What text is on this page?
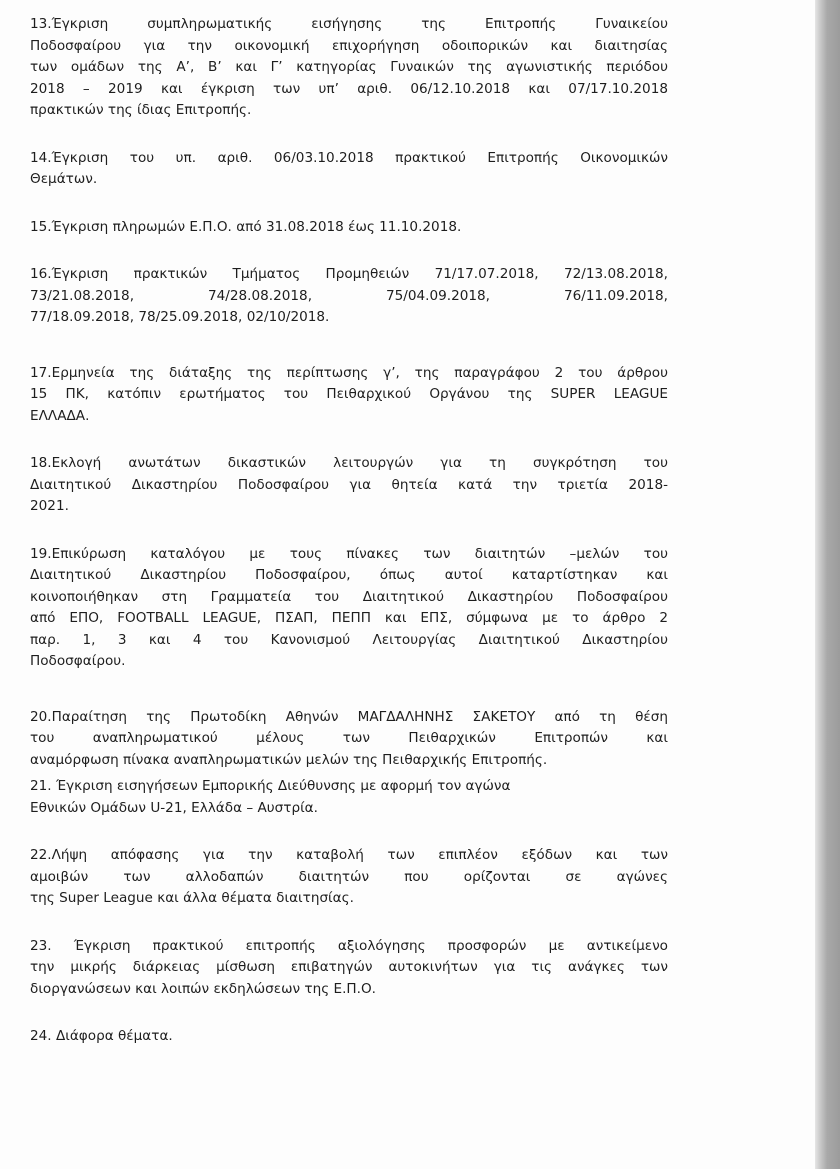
13.Έγκριση συμπληρωματικής εισήγησης της Επιτροπής Γυναικείου
Ποδοσφαίρου για την οικονομική επιχορήγηση οδοιπορικών και διαιτησίας
των ομάδων της Α’, Β’ και Γ’ κατηγορίας Γυναικών της αγωνιστικής περιόδου
2018 – 2019 και έγκριση των υπ’ αριθ. 06/12.10.2018 και 07/17.10.2018
πρακτικών της ίδιας Επιτροπής.
14.Έγκριση του υπ. αριθ. 06/03.10.2018 πρακτικού Επιτροπής Οικονομικών
Θεμάτων.
15.Έγκριση πληρωμών Ε.Π.Ο. από 31.08.2018 έως 11.10.2018.
16.Έγκριση πρακτικών Τμήματος Προμηθειών 71/17.07.2018, 72/13.08.2018,
73/21.08.2018, 74/28.08.2018, 75/04.09.2018, 76/11.09.2018,
77/18.09.2018, 78/25.09.2018, 02/10/2018.
17.Ερμηνεία της διάταξης της περίπτωσης γ’, της παραγράφου 2 του άρθρου
15 ΠΚ, κατόπιν ερωτήματος του Πειθαρχικού Οργάνου της SUPER LEAGUE
ΕΛΛΑΔΑ.
18.Εκλογή ανωτάτων δικαστικών λειτουργών για τη συγκρότηση του
Διαιτητικού Δικαστηρίου Ποδοσφαίρου για θητεία κατά την τριετία 2018-
2021.
19.Επικύρωση καταλόγου με τους πίνακες των διαιτητών –μελών του
Διαιτητικού Δικαστηρίου Ποδοσφαίρου, όπως αυτοί καταρτίστηκαν και
κοινοποιήθηκαν στη Γραμματεία του Διαιτητικού Δικαστηρίου Ποδοσφαίρου
από ΕΠΟ, FOOTBALL LEAGUE, ΠΣΑΠ, ΠΕΠΠ και ΕΠΣ, σύμφωνα με το άρθρο 2
παρ. 1, 3 και 4 του Κανονισμού Λειτουργίας Διαιτητικού Δικαστηρίου
Ποδοσφαίρου.
20.Παραίτηση της Πρωτοδίκη Αθηνών ΜΑΓΔΑΛΗΝΗΣ ΣΑΚΕΤΟΥ από τη θέση
του αναπληρωματικού μέλους των Πειθαρχικών Επιτροπών και
αναμόρφωση πίνακα αναπληρωματικών μελών της Πειθαρχικής Επιτροπής.
21. Έγκριση εισηγήσεων Εμπορικής Διεύθυνσης με αφορμή τον αγώνα
Εθνικών Ομάδων U-21, Ελλάδα – Αυστρία.
22.Λήψη απόφασης για την καταβολή των επιπλέον εξόδων και των
αμοιβών των αλλοδαπών διαιτητών που ορίζονται σε αγώνες
της Super League και άλλα θέματα διαιτησίας.
23. Έγκριση πρακτικού επιτροπής αξιολόγησης προσφορών με αντικείμενο
την μικρής διάρκειας μίσθωση επιβατηγών αυτοκινήτων για τις ανάγκες των
διοργανώσεων και λοιπών εκδηλώσεων της Ε.Π.Ο.
24. Διάφορα θέματα.
